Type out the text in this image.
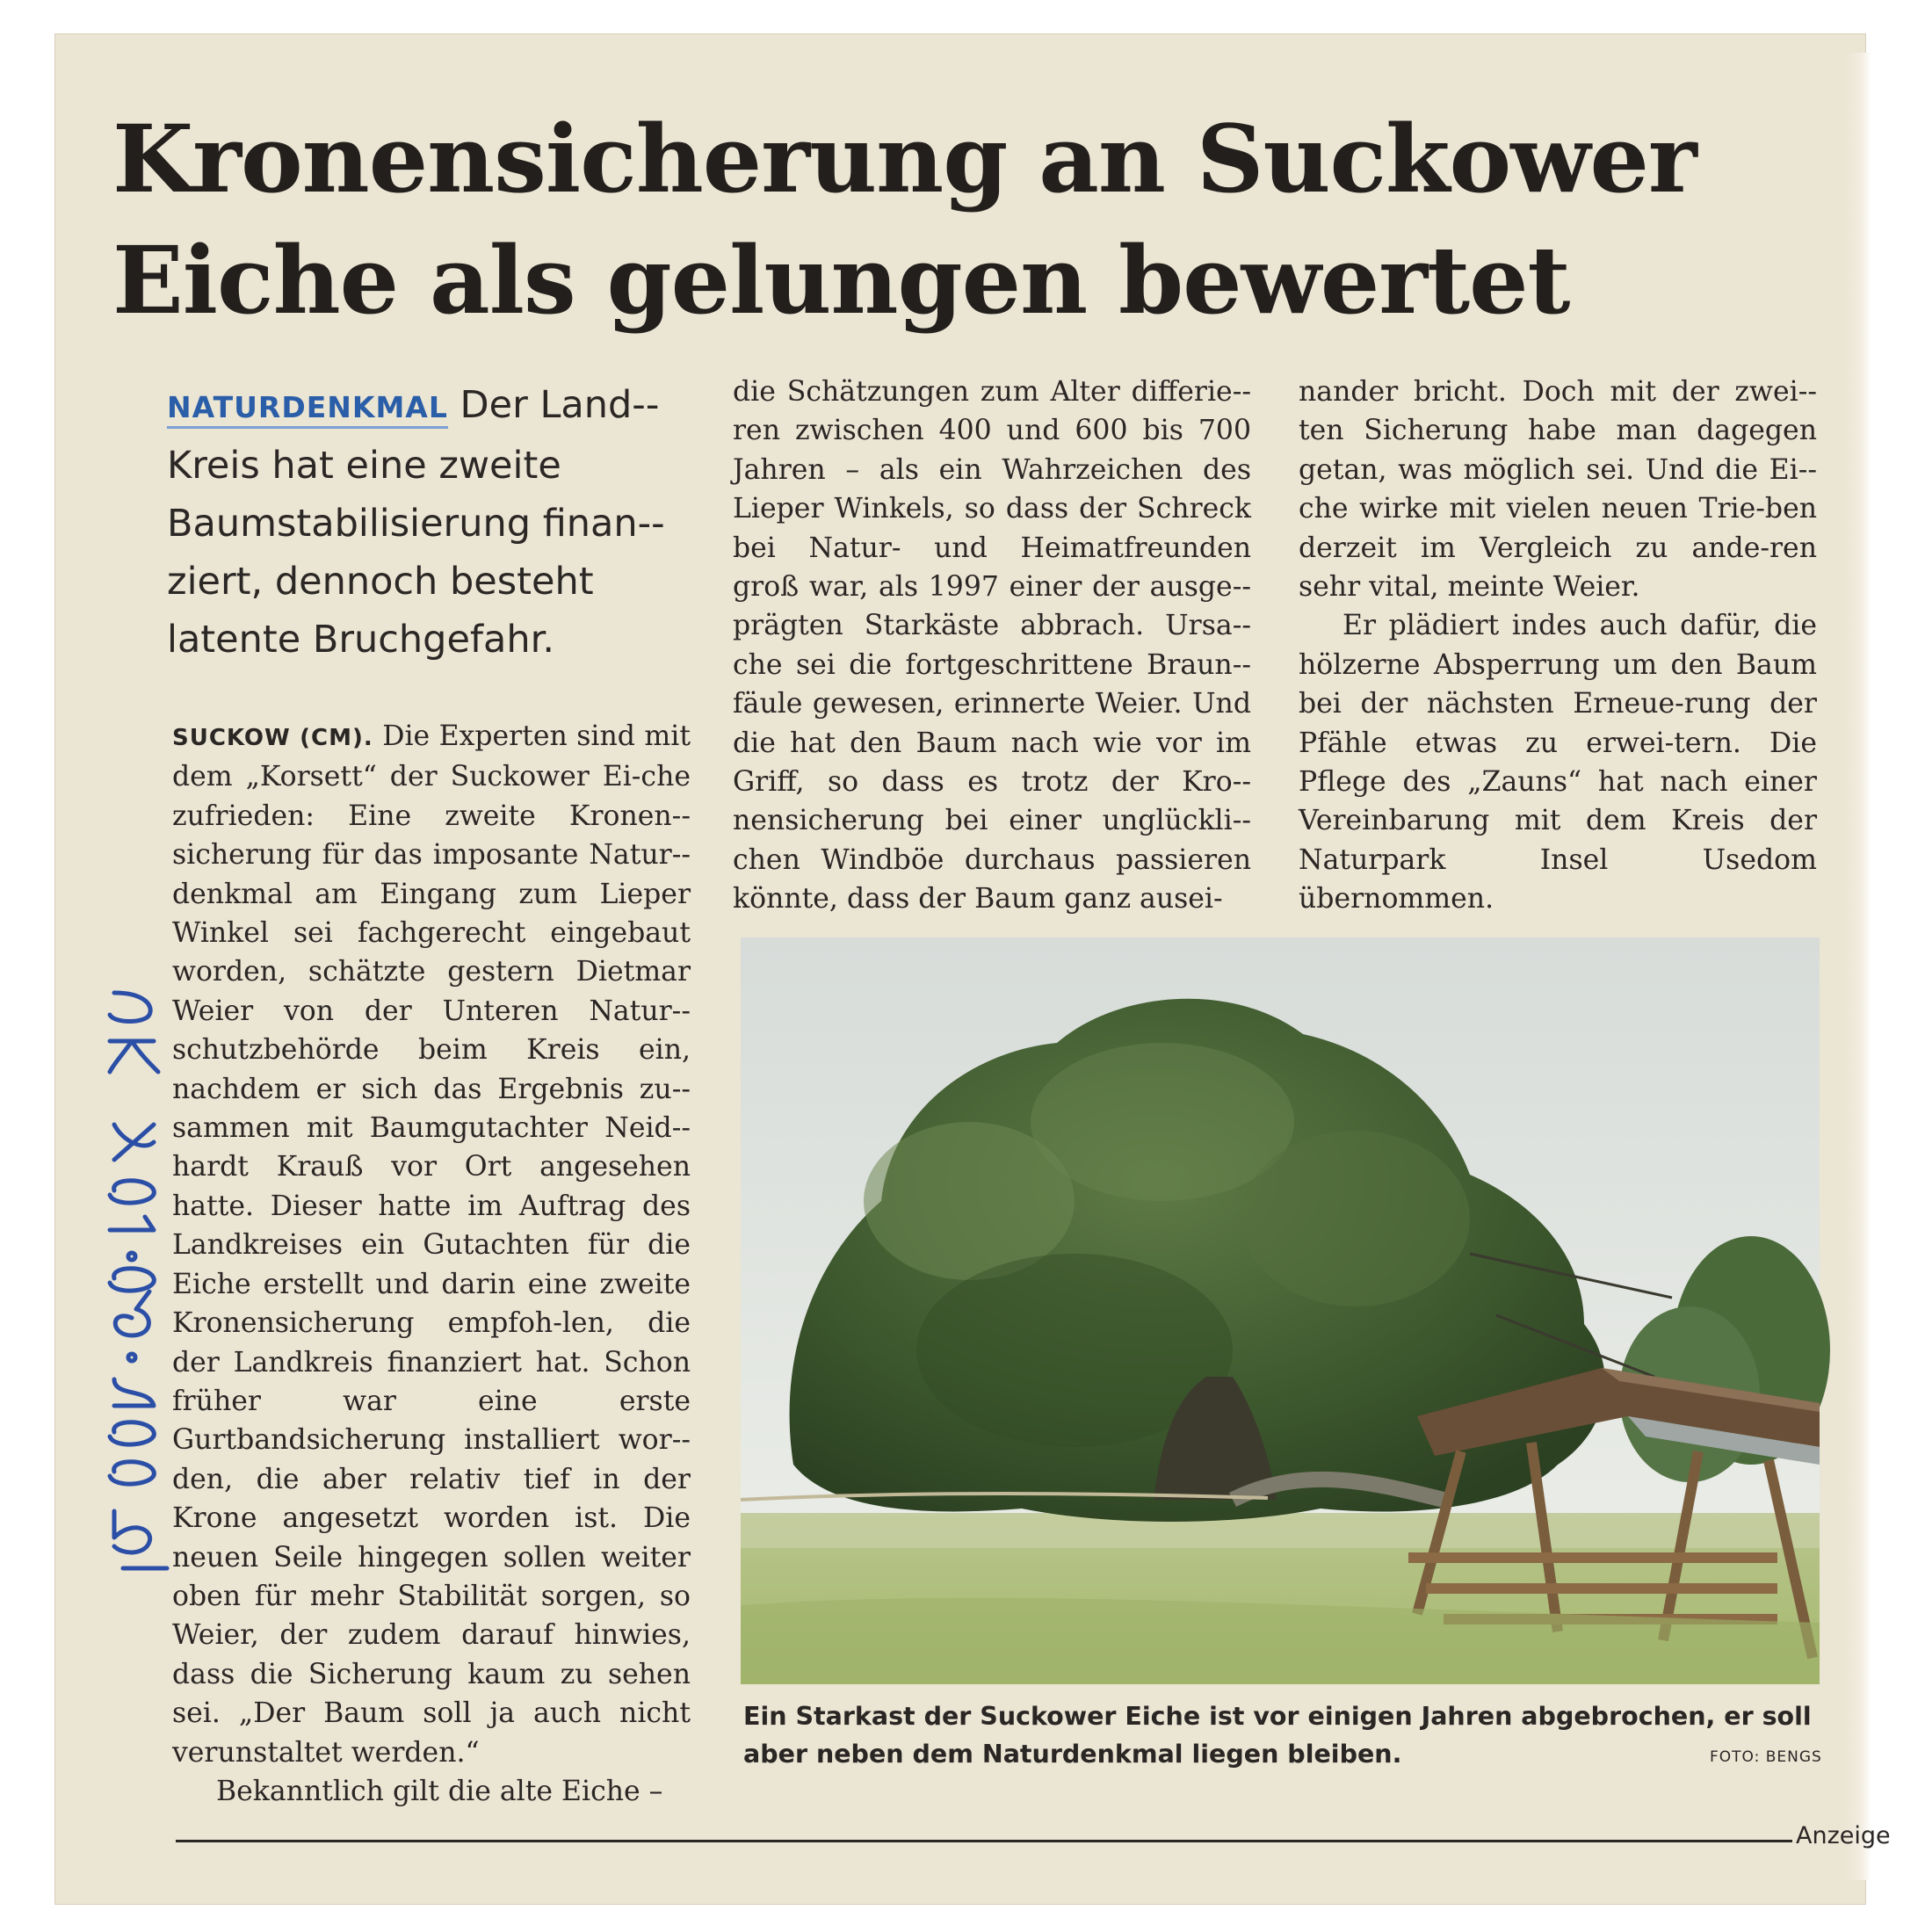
Kronensicherung an Suckower
Eiche als gelungen bewertet
NATURDENKMAL Der Land-Kreis hat eine zweite Baumstabilisierung finan-ziert, dennoch besteht latente Bruchgefahr.

SUCKOW (CM). Die Experten sind mit dem „Korsett“ der Suckower Ei-che zufrieden: Eine zweite Kronen-sicherung für das imposante Natur-denkmal am Eingang zum Lieper Winkel sei fachgerecht eingebaut worden, schätzte gestern Dietmar Weier von der Unteren Natur-schutzbehörde beim Kreis ein, nachdem er sich das Ergebnis zu-sammen mit Baumgutachter Neid-hardt Krauß vor Ort angesehen hatte. Dieser hatte im Auftrag des Landkreises ein Gutachten für die Eiche erstellt und darin eine zweite Kronensicherung empfoh-len, die der Landkreis finanziert hat. Schon früher war eine erste Gurtbandsicherung installiert wor-den, die aber relativ tief in der Krone angesetzt worden ist. Die neuen Seile hingegen sollen weiter oben für mehr Stabilität sorgen, so Weier, der zudem darauf hinwies, dass die Sicherung kaum zu sehen sei. „Der Baum soll ja auch nicht verunstaltet werden.“

Bekanntlich gilt die alte Eiche –

die Schätzungen zum Alter differie-ren zwischen 400 und 600 bis 700 Jahren – als ein Wahrzeichen des Lieper Winkels, so dass der Schreck bei Natur- und Heimatfreunden groß war, als 1997 einer der ausge-prägten Starkäste abbrach. Ursa-che sei die fortgeschrittene Braun-fäule gewesen, erinnerte Weier. Und die hat den Baum nach wie vor im Griff, so dass es trotz der Kro-nensicherung bei einer unglückli-chen Windböe durchaus passieren könnte, dass der Baum ganz ausei-

nander bricht. Doch mit der zwei-ten Sicherung habe man dagegen getan, was möglich sei. Und die Ei-che wirke mit vielen neuen Trie-ben derzeit im Vergleich zu ande-ren sehr vital, meinte Weier.

Er plädiert indes auch dafür, die hölzerne Absperrung um den Baum bei der nächsten Erneue-rung der Pfähle etwas zu erwei-tern. Die Pflege des „Zauns“ hat nach einer Vereinbarung mit dem Kreis der Naturpark Insel Usedom übernommen.

Ein Starkast der Suckower Eiche ist vor einigen Jahren abgebrochen, er soll aber neben dem Naturdenkmal liegen bleiben.	FOTO: BENGS
Anzeige
